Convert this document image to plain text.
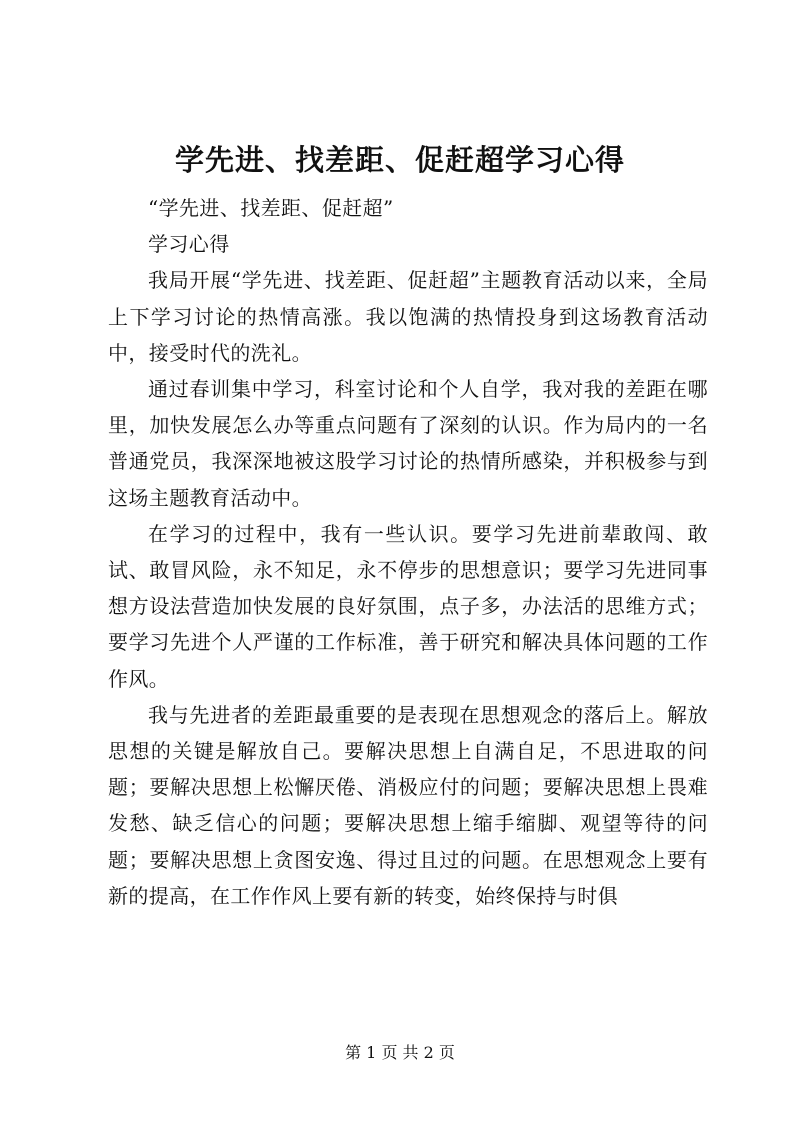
学先进、找差距、促赶超学习心得

“学先进、找差距、促赶超”

学习心得

我局开展“学先进、找差距、促赶超”主题教育活动以来，全局上下学习讨论的热情高涨。我以饱满的热情投身到这场教育活动中，接受时代的洗礼。

通过春训集中学习，科室讨论和个人自学，我对我的差距在哪里，加快发展怎么办等重点问题有了深刻的认识。作为局内的一名普通党员，我深深地被这股学习讨论的热情所感染，并积极参与到这场主题教育活动中。

在学习的过程中，我有一些认识。要学习先进前辈敢闯、敢试、敢冒风险，永不知足，永不停步的思想意识；要学习先进同事想方设法营造加快发展的良好氛围，点子多，办法活的思维方式；要学习先进个人严谨的工作标准，善于研究和解决具体问题的工作作风。

我与先进者的差距最重要的是表现在思想观念的落后上。解放思想的关键是解放自己。要解决思想上自满自足，不思进取的问题；要解决思想上松懈厌倦、消极应付的问题；要解决思想上畏难发愁、缺乏信心的问题；要解决思想上缩手缩脚、观望等待的问题；要解决思想上贪图安逸、得过且过的问题。在思想观念上要有新的提高，在工作作风上要有新的转变，始终保持与时俱

第 1 页 共 2 页
